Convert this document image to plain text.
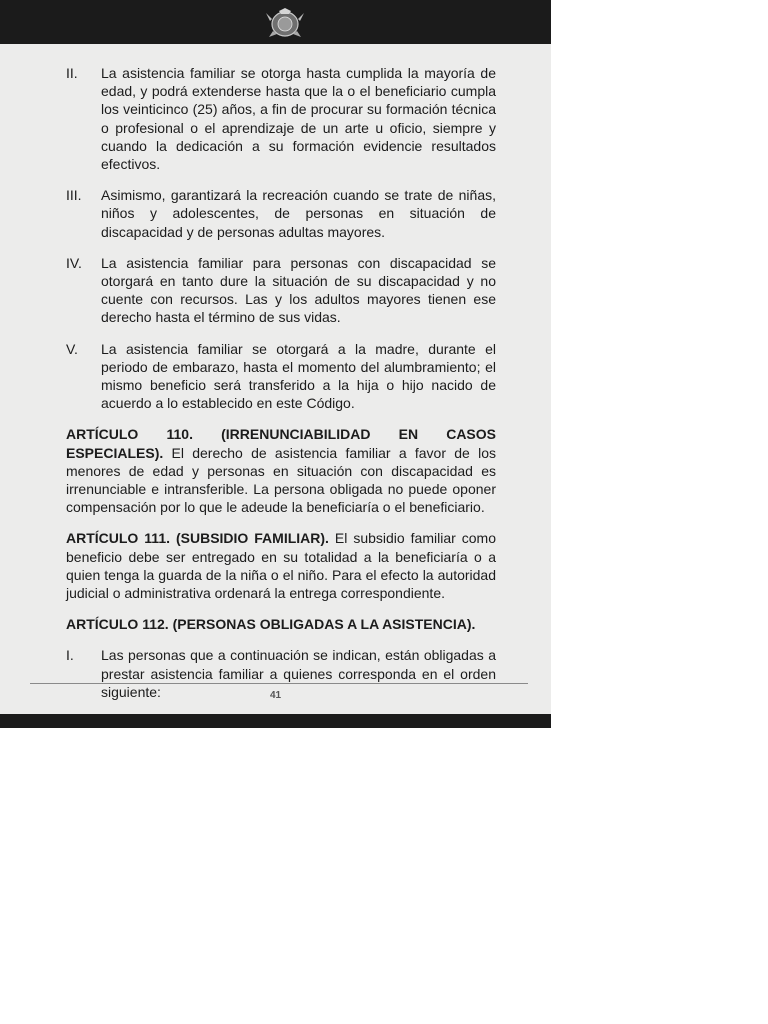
II.	La asistencia familiar se otorga hasta cumplida la mayoría de edad, y podrá extenderse hasta que la o el beneficiario cumpla los veinticinco (25) años, a fin de procurar su formación técnica o profesional o el aprendizaje de un arte u oficio, siempre y cuando la dedicación a su formación evidencie resultados efectivos.
III.	Asimismo, garantizará la recreación cuando se trate de niñas, niños y adolescentes, de personas en situación de discapacidad y de personas adultas mayores.
IV.	La asistencia familiar para personas con discapacidad se otorgará en tanto dure la situación de su discapacidad y no cuente con recursos. Las y los adultos mayores tienen ese derecho hasta el término de sus vidas.
V.	La asistencia familiar se otorgará a la madre, durante el periodo de embarazo, hasta el momento del alumbramiento; el mismo beneficio será transferido a la hija o hijo nacido de acuerdo a lo establecido en este Código.

ARTÍCULO 110. (IRRENUNCIABILIDAD EN CASOS ESPECIALES). El derecho de asistencia familiar a favor de los menores de edad y personas en situación con discapacidad es irrenunciable e intransferible. La persona obligada no puede oponer compensación por lo que le adeude la beneficiaría o el beneficiario.

ARTÍCULO 111. (SUBSIDIO FAMILIAR). El subsidio familiar como beneficio debe ser entregado en su totalidad a la beneficiaría o a quien tenga la guarda de la niña o el niño. Para el efecto la autoridad judicial o administrativa ordenará la entrega correspondiente.

ARTÍCULO 112. (PERSONAS OBLIGADAS A LA ASISTENCIA).

I.	Las personas que a continuación se indican, están obligadas a prestar asistencia familiar a quienes corresponda en el orden siguiente:	41
